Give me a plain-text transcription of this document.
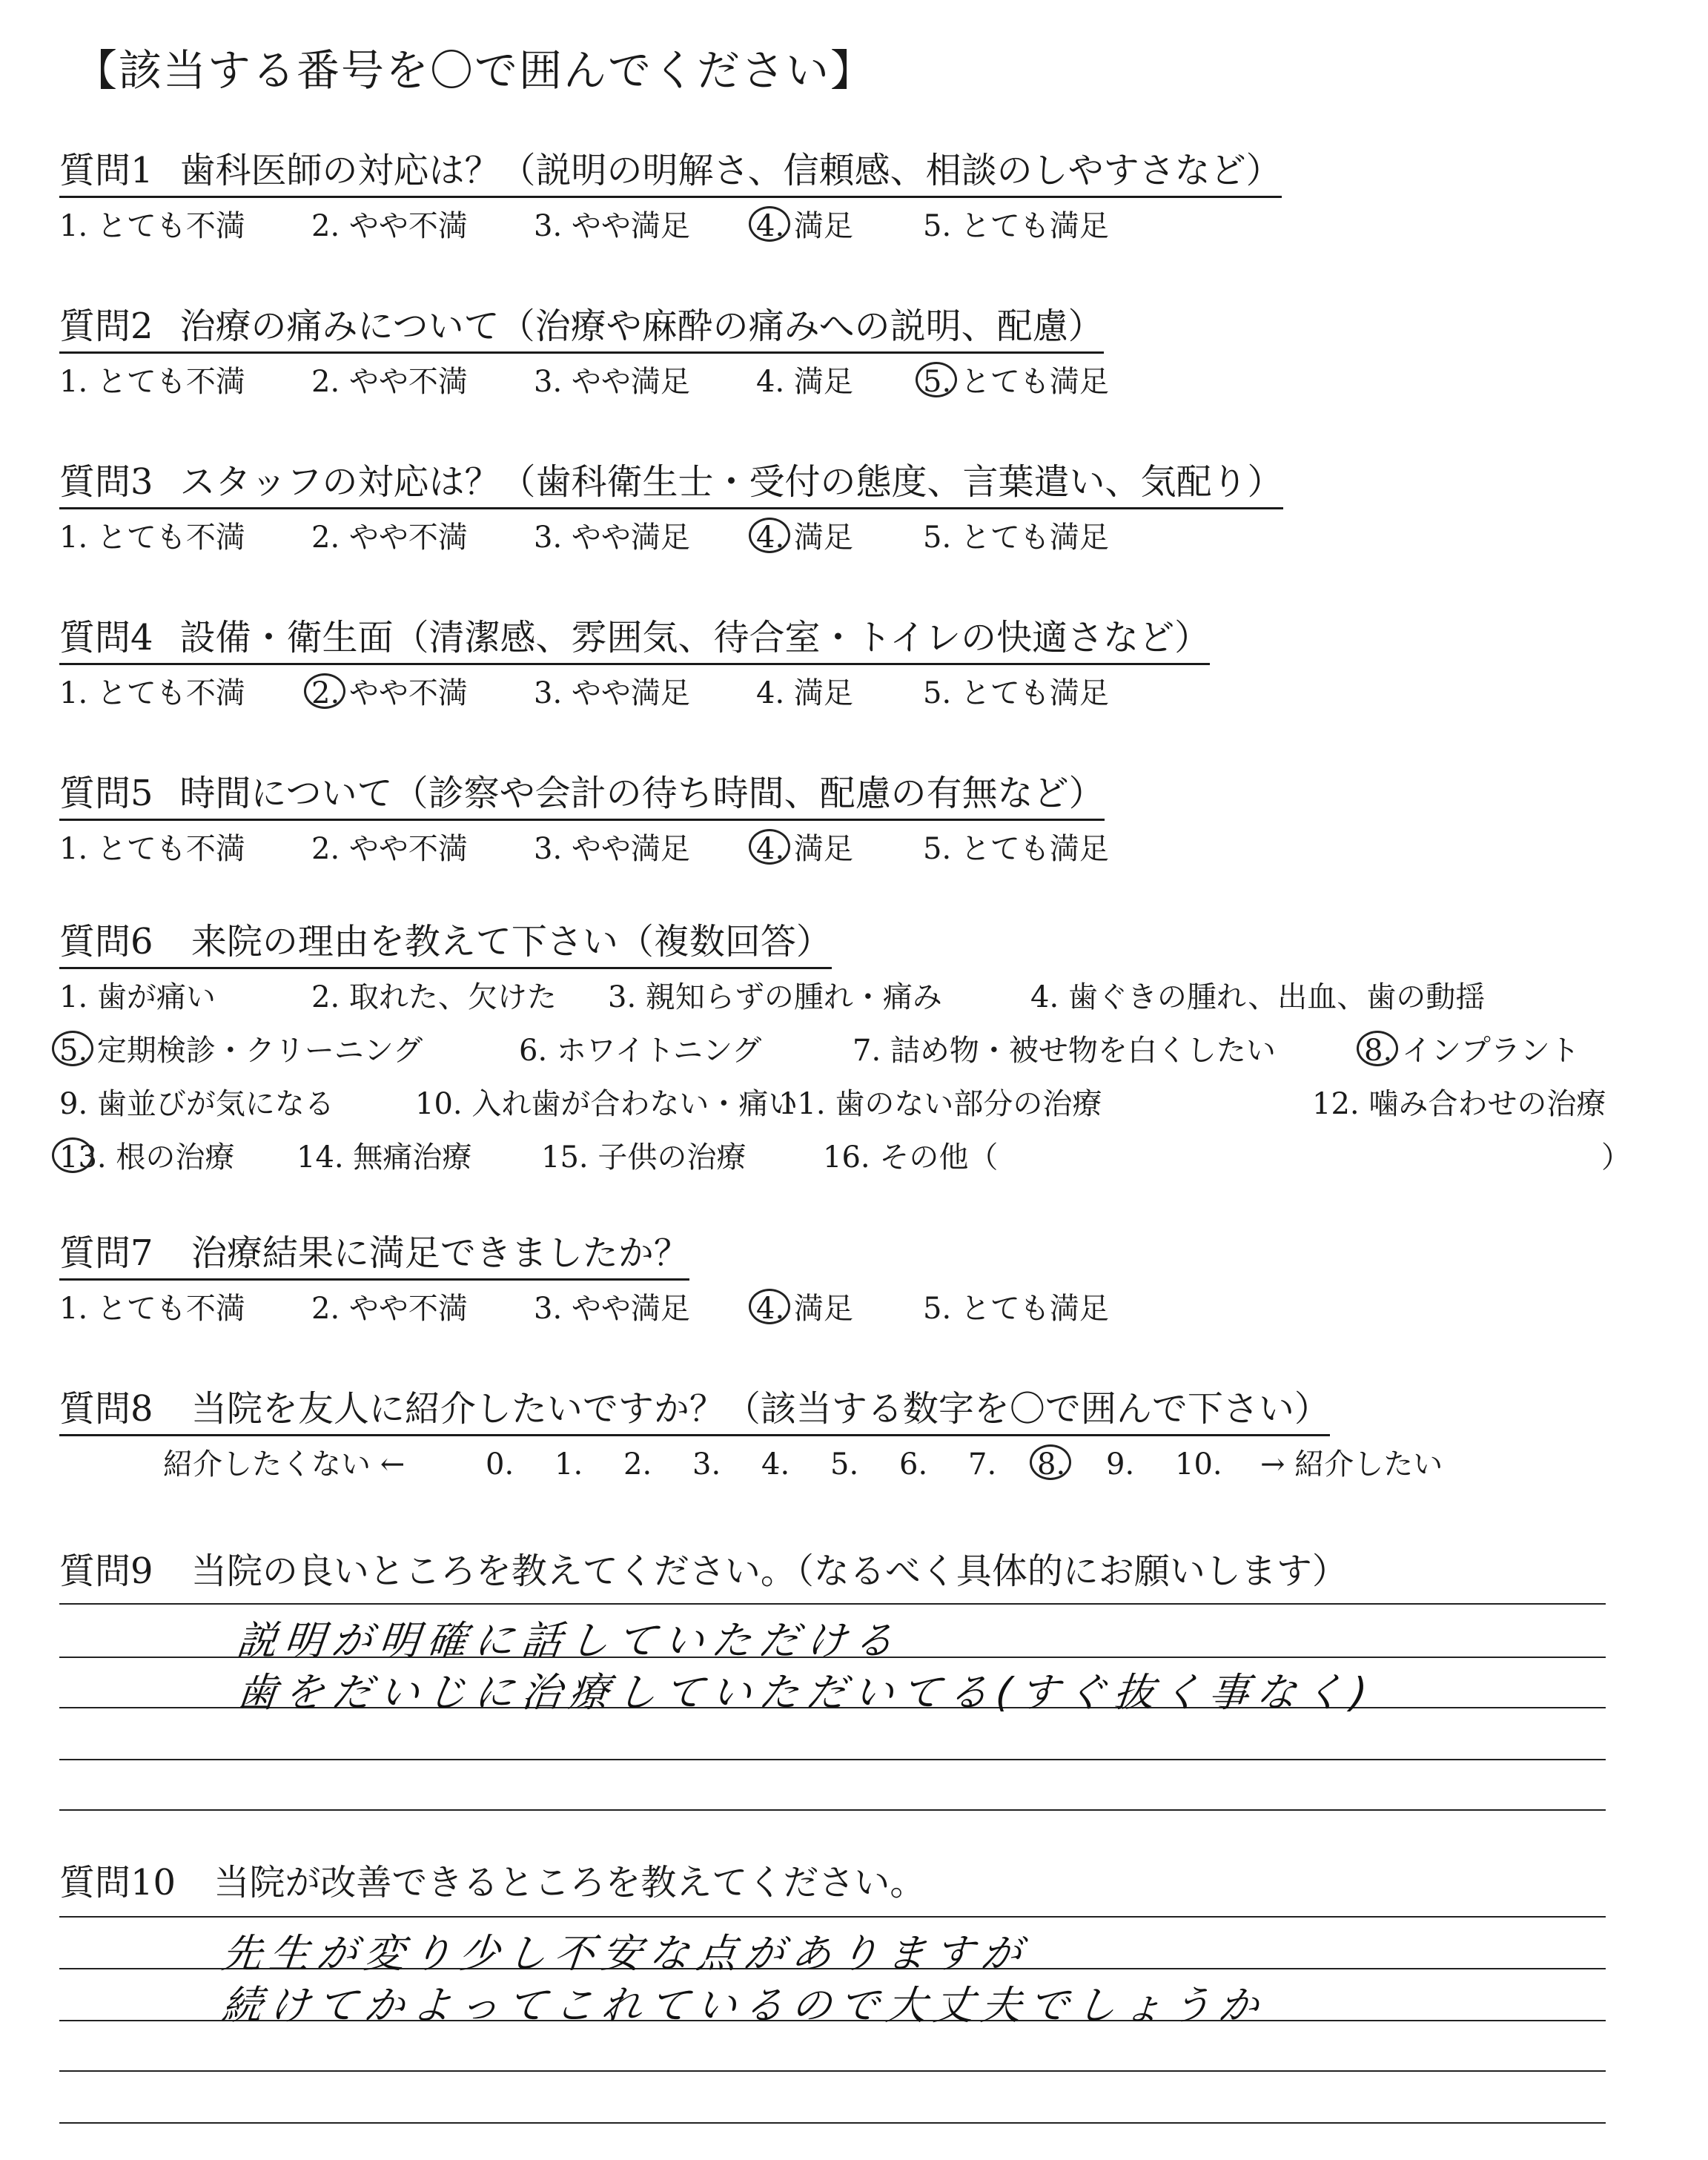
【該当する番号を〇で囲んでください】
質問1 歯科医師の対応は？（説明の明解さ、信頼感、相談のしやすさなど）
1. とても不満 2. やや不満 3. やや満足 4. 満足 5. とても満足
質問2 治療の痛みについて（治療や麻酔の痛みへの説明、配慮）
1. とても不満 2. やや不満 3. やや満足 4. 満足 5. とても満足
質問3 スタッフの対応は？（歯科衛生士・受付の態度、言葉遣い、気配り）
1. とても不満 2. やや不満 3. やや満足 4. 満足 5. とても満足
質問4 設備・衛生面（清潔感、雰囲気、待合室・トイレの快適さなど）
1. とても不満 2. やや不満 3. やや満足 4. 満足 5. とても満足
質問5 時間について（診察や会計の待ち時間、配慮の有無など）
1. とても不満 2. やや不満 3. やや満足 4. 満足 5. とても満足
質問6 来院の理由を教えて下さい（複数回答）
1. 歯が痛い	2. 取れた、欠けた 3. 親知らずの腫れ・痛み	4. 歯ぐきの腫れ、出血、歯の動揺
5. 定期検診・クリーニング	6. ホワイトニング	7. 詰め物・被せ物を白くしたい	8. インプラント
9. 歯並びが気になる	10. 入れ歯が合わない・痛い
11. 歯のない部分の治療	12. 噛み合わせの治療
13. 根の治療 14. 無痛治療 15. 子供の治療	16. その他（	）
質問7 治療結果に満足できましたか？
1. とても不満 2. やや不満 3. やや満足 4. 満足 5. とても満足
質問8 当院を友人に紹介したいですか？（該当する数字を〇で囲んで下さい）
紹介したくない ←	0. 1. 2. 3. 4. 5. 6. 7. 8. 9. 10. → 紹介したい
質問9 当院の良いところを教えてください。（なるべく具体的にお願いします）
説明が明確に話していただける
歯をだいじに治療していただいてる(すぐ抜く事なく)
質問10 当院が改善できるところを教えてください。
先生が変り少し不安な点がありますが
続けてかよってこれているので大丈夫でしょうか
